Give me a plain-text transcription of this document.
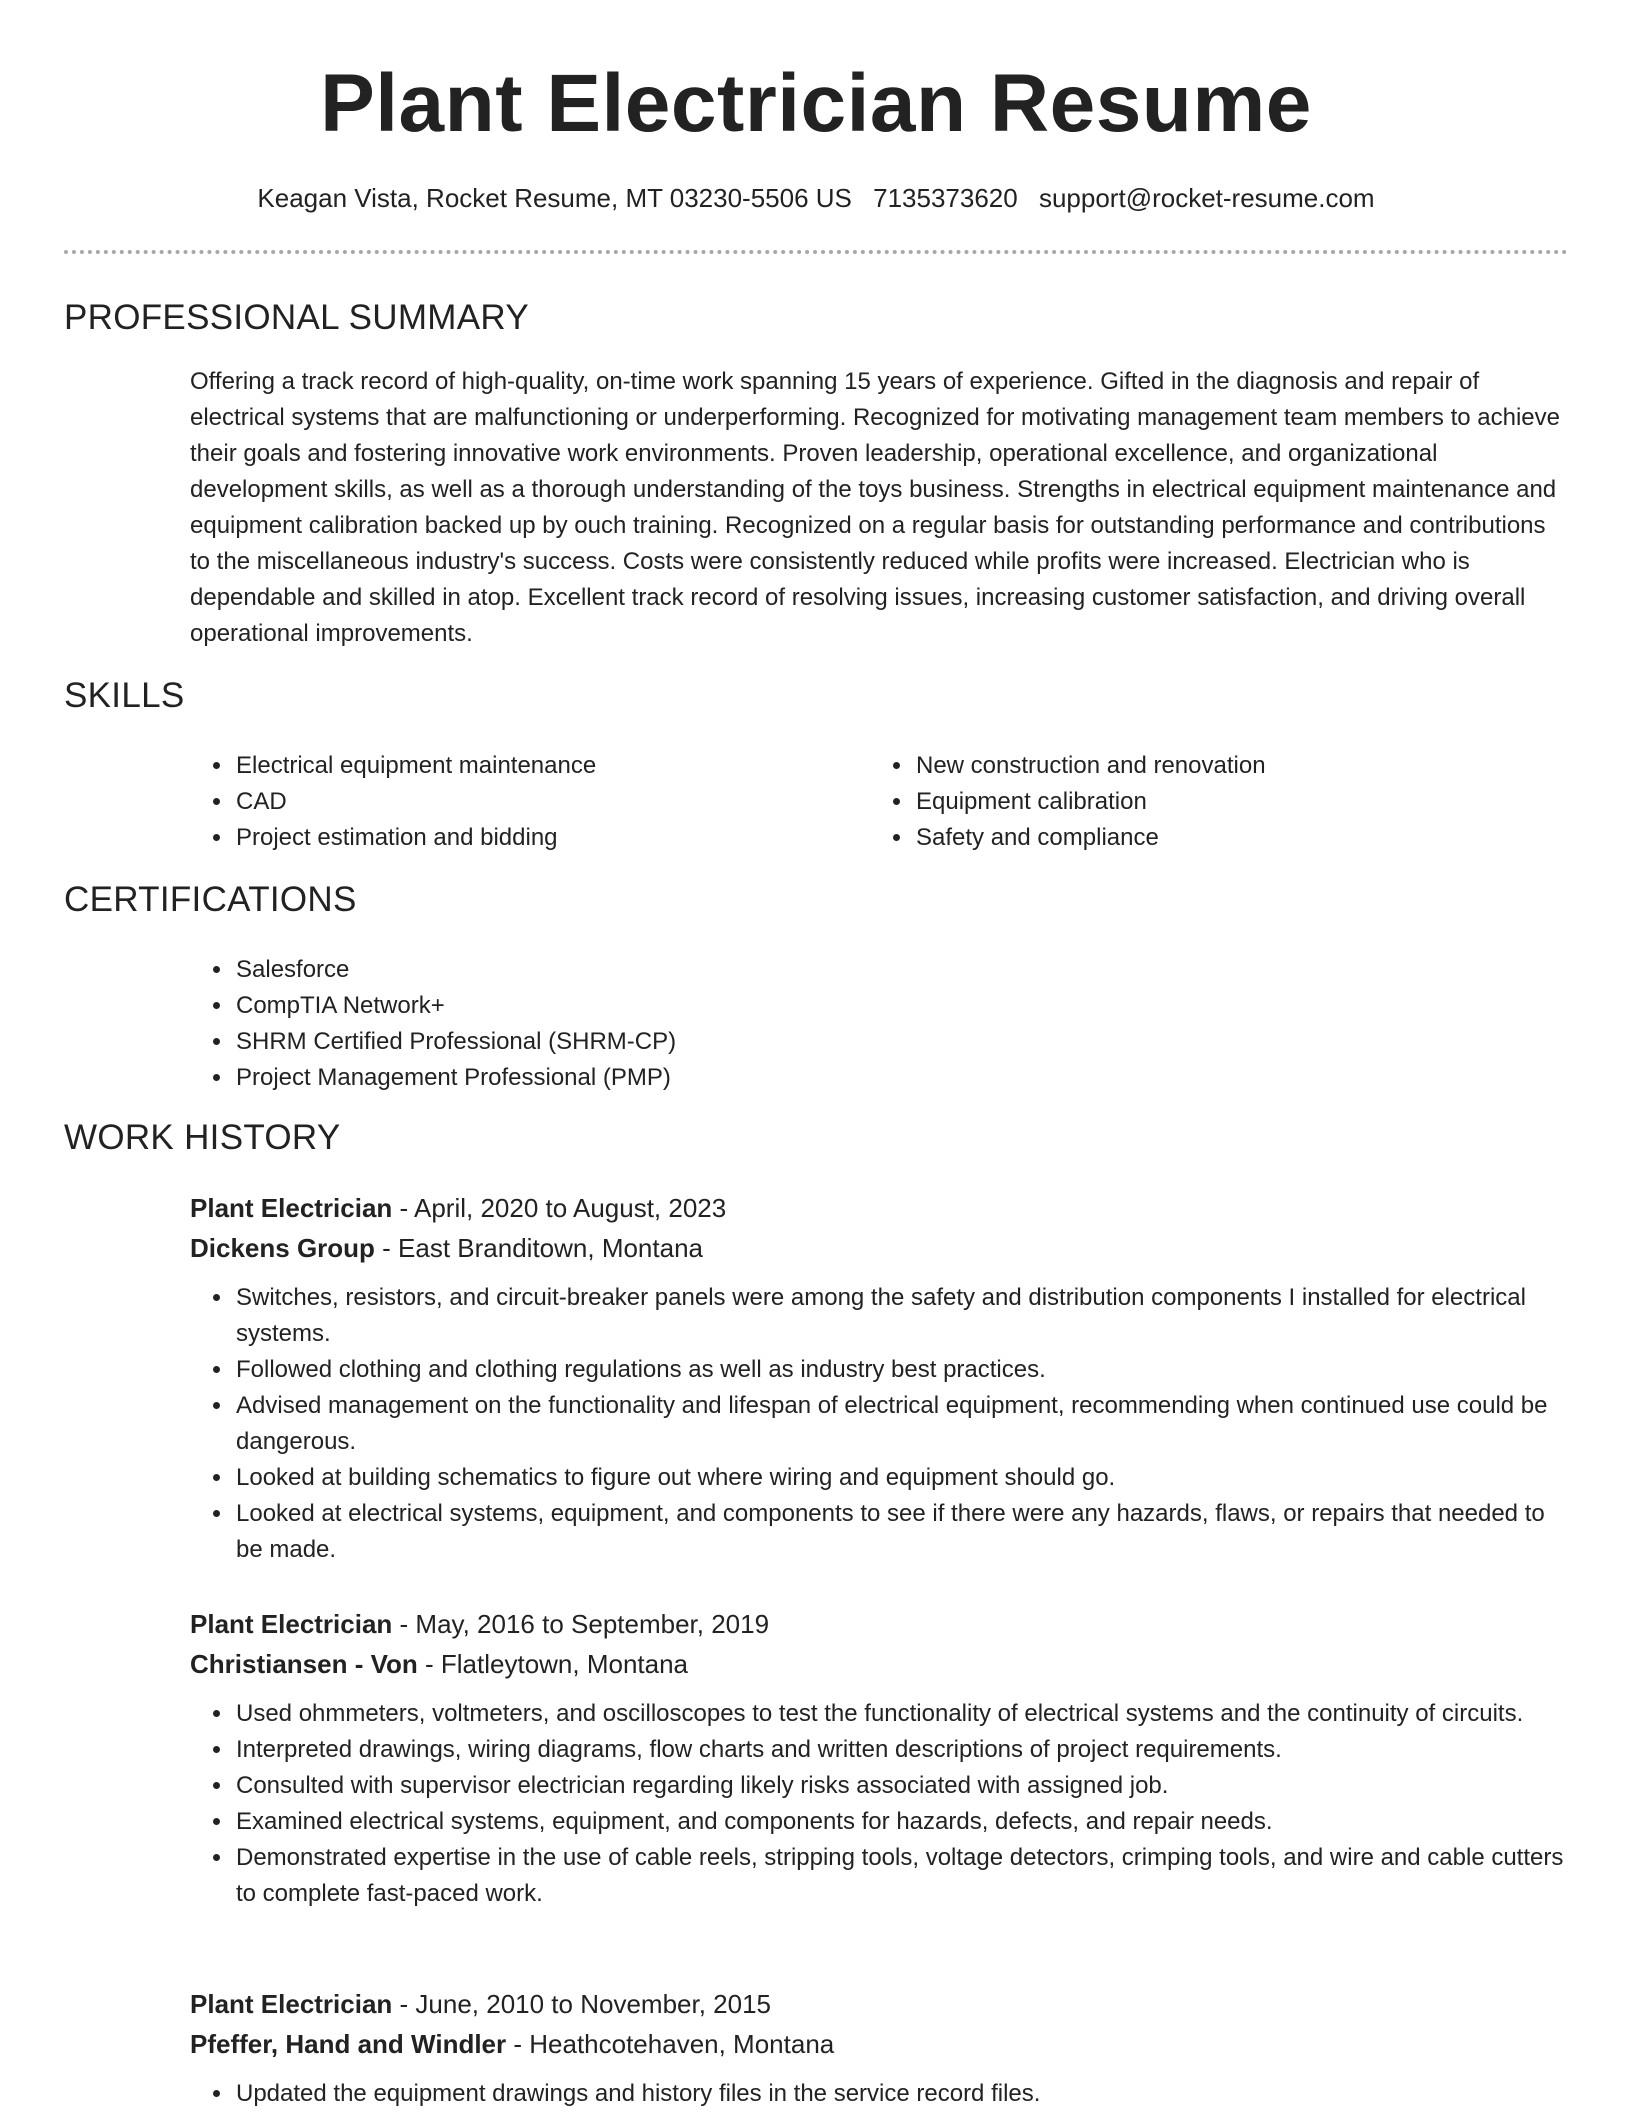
Plant Electrician Resume
Keagan Vista, Rocket Resume, MT 03230-5506 US 7135373620 support@rocket-resume.com
PROFESSIONAL SUMMARY

Offering a track record of high-quality, on-time work spanning 15 years of experience. Gifted in the diagnosis and repair of electrical systems that are malfunctioning or underperforming. Recognized for motivating management team members to achieve their goals and fostering innovative work environments. Proven leadership, operational excellence, and organizational development skills, as well as a thorough understanding of the toys business. Strengths in electrical equipment maintenance and equipment calibration backed up by ouch training. Recognized on a regular basis for outstanding performance and contributions to the miscellaneous industry's success. Costs were consistently reduced while profits were increased. Electrician who is dependable and skilled in atop. Excellent track record of resolving issues, increasing customer satisfaction, and driving overall operational improvements.

SKILLS
• Electrical equipment maintenance
• CAD
• Project estimation and bidding
• New construction and renovation
• Equipment calibration
• Safety and compliance
CERTIFICATIONS
• Salesforce
• CompTIA Network+
• SHRM Certified Professional (SHRM-CP)
• Project Management Professional (PMP)
WORK HISTORY
Plant Electrician - April, 2020 to August, 2023
Dickens Group - East Branditown, Montana
• Switches, resistors, and circuit-breaker panels were among the safety and distribution components I installed for electrical systems.
• Followed clothing and clothing regulations as well as industry best practices.
• Advised management on the functionality and lifespan of electrical equipment, recommending when continued use could be dangerous.
• Looked at building schematics to figure out where wiring and equipment should go.
• Looked at electrical systems, equipment, and components to see if there were any hazards, flaws, or repairs that needed to be made.
Plant Electrician - May, 2016 to September, 2019
Christiansen - Von - Flatleytown, Montana
• Used ohmmeters, voltmeters, and oscilloscopes to test the functionality of electrical systems and the continuity of circuits.
• Interpreted drawings, wiring diagrams, flow charts and written descriptions of project requirements.
• Consulted with supervisor electrician regarding likely risks associated with assigned job.
• Examined electrical systems, equipment, and components for hazards, defects, and repair needs.
• Demonstrated expertise in the use of cable reels, stripping tools, voltage detectors, crimping tools, and wire and cable cutters to complete fast-paced work.
Plant Electrician - June, 2010 to November, 2015
Pfeffer, Hand and Windler - Heathcotehaven, Montana
• Updated the equipment drawings and history files in the service record files.
